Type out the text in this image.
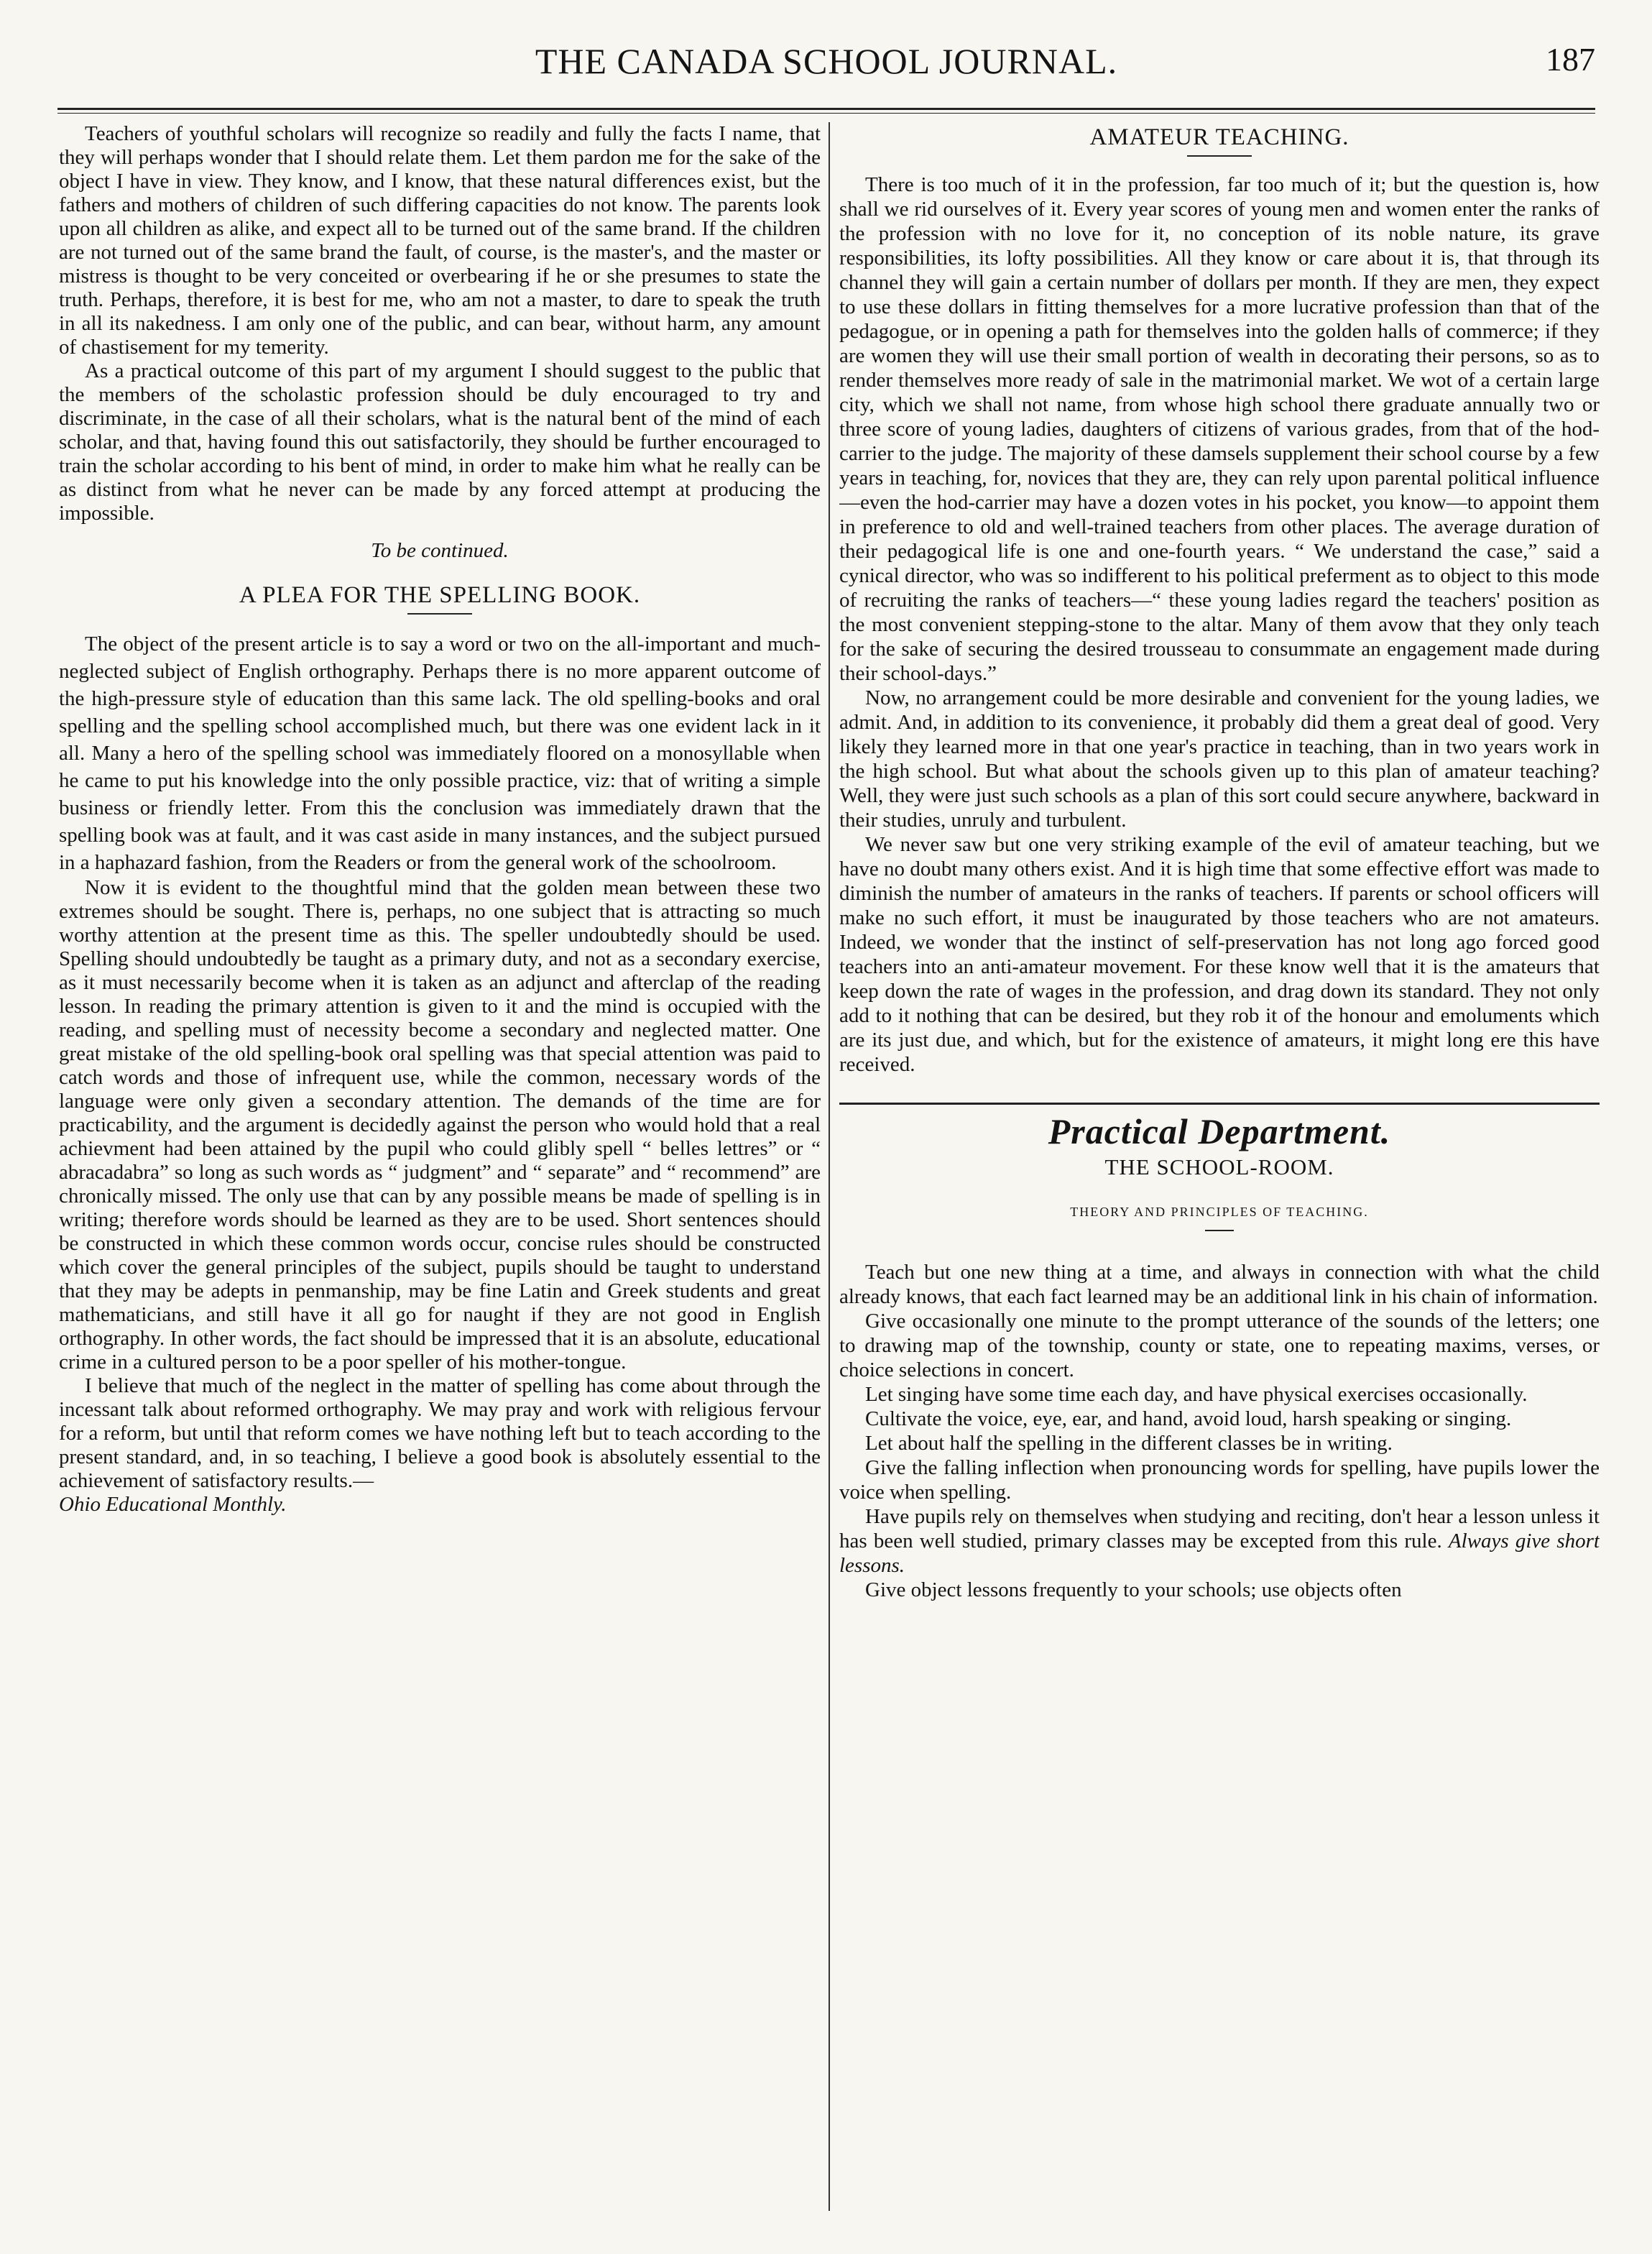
THE CANADA SCHOOL JOURNAL.	187

Teachers of youthful scholars will recognize so readily and fully the facts I name, that they will perhaps wonder that I should relate them. Let them pardon me for the sake of the object I have in view. They know, and I know, that these natural differences exist, but the fathers and mothers of children of such differing capacities do not know. The parents look upon all children as alike, and expect all to be turned out of the same brand. If the children are not turned out of the same brand the fault, of course, is the master's, and the master or mistress is thought to be very conceited or overbearing if he or she presumes to state the truth. Perhaps, therefore, it is best for me, who am not a master, to dare to speak the truth in all its nakedness. I am only one of the public, and can bear, without harm, any amount of chastisement for my temerity.

As a practical outcome of this part of my argument I should suggest to the public that the members of the scholastic profession should be duly encouraged to try and discriminate, in the case of all their scholars, what is the natural bent of the mind of each scholar, and that, having found this out satisfactorily, they should be further encouraged to train the scholar according to his bent of mind, in order to make him what he really can be as distinct from what he never can be made by any forced attempt at producing the impossible.

To be continued.

A PLEA FOR THE SPELLING BOOK.

The object of the present article is to say a word or two on the all-important and much-neglected subject of English orthography. Perhaps there is no more apparent outcome of the high-pressure style of education than this same lack. The old spelling-books and oral spelling and the spelling school accomplished much, but there was one evident lack in it all. Many a hero of the spelling school was immediately floored on a monosyllable when he came to put his knowledge into the only possible practice, viz: that of writing a simple business or friendly letter. From this the conclusion was immediately drawn that the spelling book was at fault, and it was cast aside in many instances, and the subject pursued in a haphazard fashion, from the Readers or from the general work of the schoolroom.

Now it is evident to the thoughtful mind that the golden mean between these two extremes should be sought. There is, perhaps, no one subject that is attracting so much worthy attention at the present time as this. The speller undoubtedly should be used. Spelling should undoubtedly be taught as a primary duty, and not as a secondary exercise, as it must necessarily become when it is taken as an adjunct and afterclap of the reading lesson. In reading the primary attention is given to it and the mind is occupied with the reading, and spelling must of necessity become a secondary and neglected matter. One great mistake of the old spelling-book oral spelling was that special attention was paid to catch words and those of infrequent use, while the common, necessary words of the language were only given a secondary attention. The demands of the time are for practicability, and the argument is decidedly against the person who would hold that a real achievment had been attained by the pupil who could glibly spell “ belles lettres” or “ abracadabra” so long as such words as “ judgment” and “ separate” and “ recommend” are chronically missed. The only use that can by any possible means be made of spelling is in writing; therefore words should be learned as they are to be used. Short sentences should be constructed in which these common words occur, concise rules should be constructed which cover the general principles of the subject, pupils should be taught to understand that they may be adepts in penmanship, may be fine Latin and Greek students and great mathematicians, and still have it all go for naught if they are not good in English orthography. In other words, the fact should be impressed that it is an absolute, educational crime in a cultured person to be a poor speller of his mother-tongue.

I believe that much of the neglect in the matter of spelling has come about through the incessant talk about reformed orthography. We may pray and work with religious fervour for a reform, but until that reform comes we have nothing left but to teach according to the present standard, and, in so teaching, I believe a good book is absolutely essential to the achievement of satisfactory results.—

Ohio Educational Monthly.

AMATEUR TEACHING.

There is too much of it in the profession, far too much of it; but the question is, how shall we rid ourselves of it. Every year scores of young men and women enter the ranks of the profession with no love for it, no conception of its noble nature, its grave responsibilities, its lofty possibilities. All they know or care about it is, that through its channel they will gain a certain number of dollars per month. If they are men, they expect to use these dollars in fitting themselves for a more lucrative profession than that of the pedagogue, or in opening a path for themselves into the golden halls of commerce; if they are women they will use their small portion of wealth in decorating their persons, so as to render themselves more ready of sale in the matrimonial market. We wot of a certain large city, which we shall not name, from whose high school there graduate annually two or three score of young ladies, daughters of citizens of various grades, from that of the hod-carrier to the judge. The majority of these damsels supplement their school course by a few years in teaching, for, novices that they are, they can rely upon parental political influence—even the hod-carrier may have a dozen votes in his pocket, you know—to appoint them in preference to old and well-trained teachers from other places. The average duration of their pedagogical life is one and one-fourth years. “ We understand the case,” said a cynical director, who was so indifferent to his political preferment as to object to this mode of recruiting the ranks of teachers—“ these young ladies regard the teachers' position as the most convenient stepping-stone to the altar. Many of them avow that they only teach for the sake of securing the desired trousseau to consummate an engagement made during their school-days.”

Now, no arrangement could be more desirable and convenient for the young ladies, we admit. And, in addition to its convenience, it probably did them a great deal of good. Very likely they learned more in that one year's practice in teaching, than in two years work in the high school. But what about the schools given up to this plan of amateur teaching? Well, they were just such schools as a plan of this sort could secure anywhere, backward in their studies, unruly and turbulent.

We never saw but one very striking example of the evil of amateur teaching, but we have no doubt many others exist. And it is high time that some effective effort was made to diminish the number of amateurs in the ranks of teachers. If parents or school officers will make no such effort, it must be inaugurated by those teachers who are not amateurs. Indeed, we wonder that the instinct of self-preservation has not long ago forced good teachers into an anti-amateur movement. For these know well that it is the amateurs that keep down the rate of wages in the profession, and drag down its standard. They not only add to it nothing that can be desired, but they rob it of the honour and emoluments which are its just due, and which, but for the existence of amateurs, it might long ere this have received.

Practical Department.
THE SCHOOL-ROOM.
THEORY AND PRINCIPLES OF TEACHING.

Teach but one new thing at a time, and always in connection with what the child already knows, that each fact learned may be an additional link in his chain of information.

Give occasionally one minute to the prompt utterance of the sounds of the letters; one to drawing map of the township, county or state, one to repeating maxims, verses, or choice selections in concert.

Let singing have some time each day, and have physical exercises occasionally.

Cultivate the voice, eye, ear, and hand, avoid loud, harsh speaking or singing.

Let about half the spelling in the different classes be in writing.

Give the falling inflection when pronouncing words for spelling, have pupils lower the voice when spelling.

Have pupils rely on themselves when studying and reciting, don't hear a lesson unless it has been well studied, primary classes may be excepted from this rule. Always give short lessons.

Give object lessons frequently to your schools; use objects often
